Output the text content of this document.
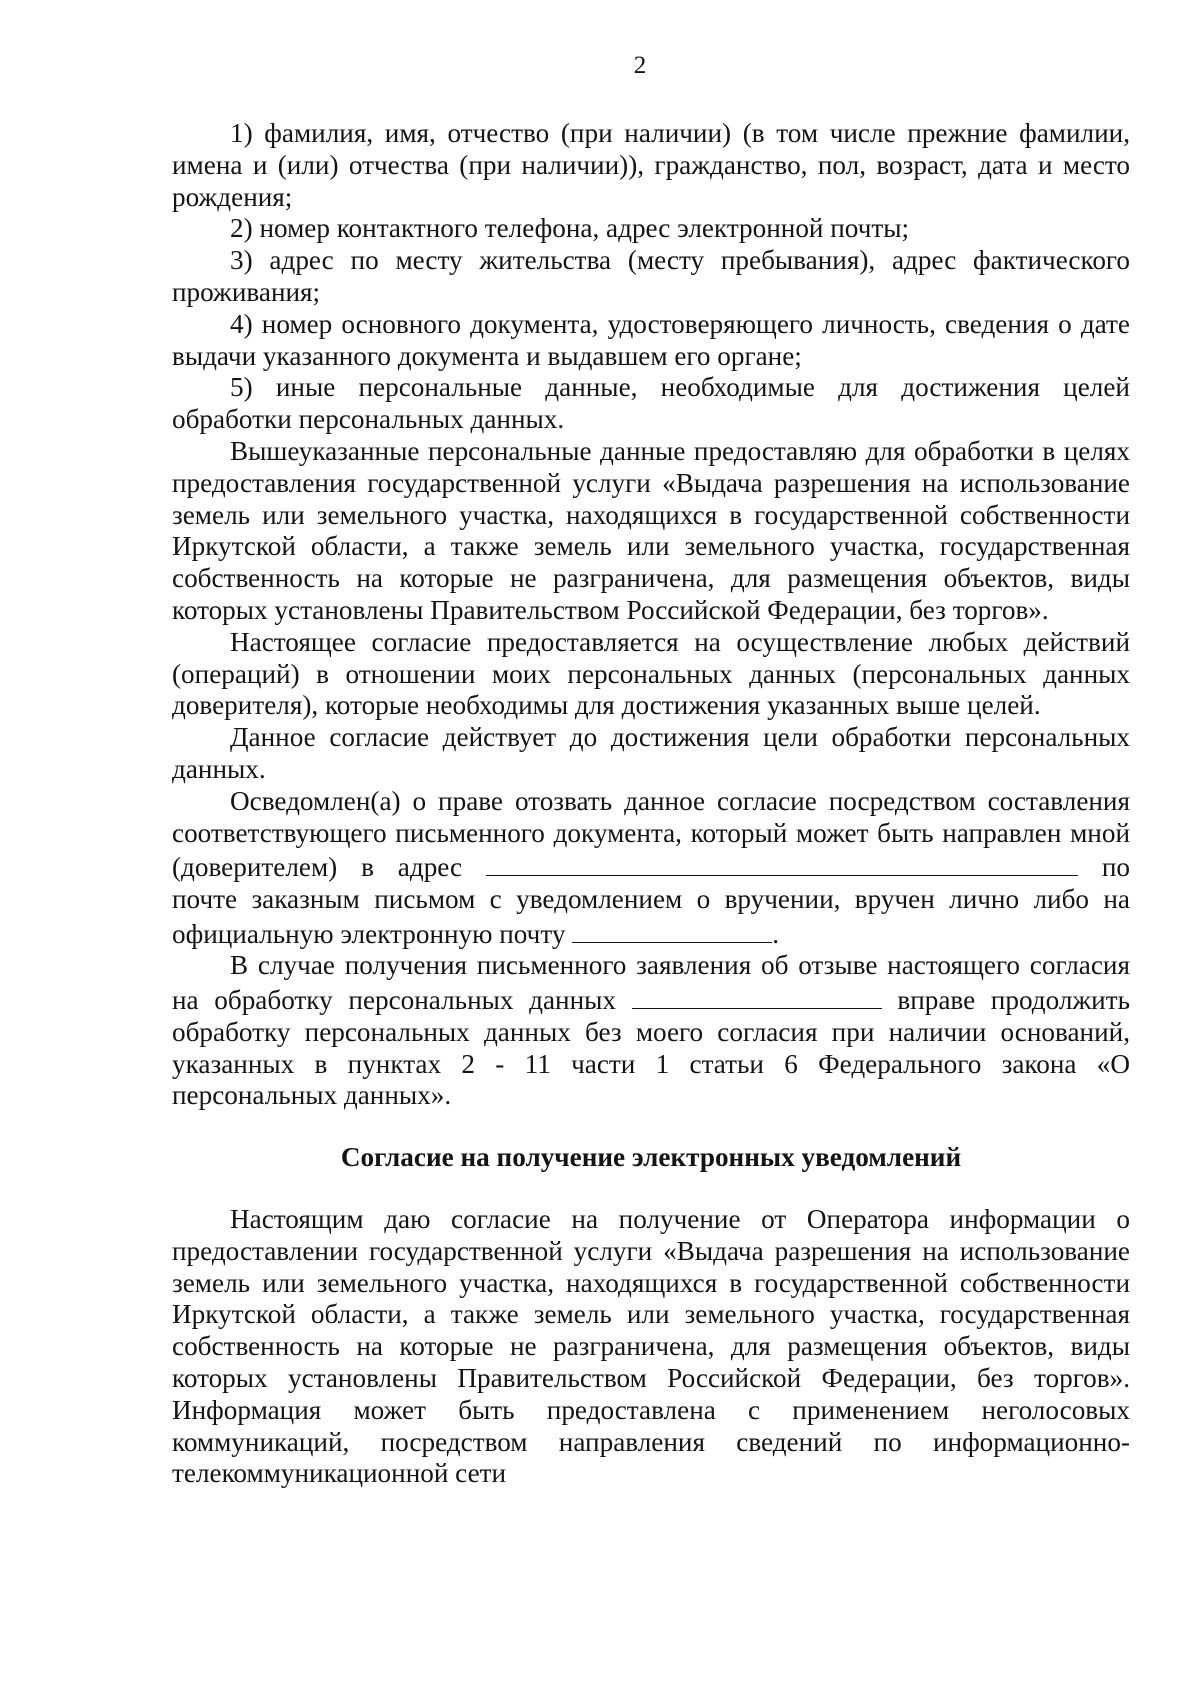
2

1) фамилия, имя, отчество (при наличии) (в том числе прежние фамилии, имена и (или) отчества (при наличии)), гражданство, пол, возраст, дата и место рождения;

2) номер контактного телефона, адрес электронной почты;

3) адрес по месту жительства (месту пребывания), адрес фактического проживания;

4) номер основного документа, удостоверяющего личность, сведения о дате выдачи указанного документа и выдавшем его органе;

5) иные персональные данные, необходимые для достижения целей обработки персональных данных.

Вышеуказанные персональные данные предоставляю для обработки в целях предоставления государственной услуги «Выдача разрешения на использование земель или земельного участка, находящихся в государственной собственности Иркутской области, а также земель или земельного участка, государственная собственность на которые не разграничена, для размещения объектов, виды которых установлены Правительством Российской Федерации, без торгов».

Настоящее согласие предоставляется на осуществление любых действий (операций) в отношении моих персональных данных (персональных данных доверителя), которые необходимы для достижения указанных выше целей.

Данное согласие действует до достижения цели обработки персональных данных.

Осведомлен(а) о праве отозвать данное согласие посредством составления соответствующего письменного документа, который может быть направлен мной (доверителем) в адрес	по почте заказным письмом с уведомлением о вручении, вручен лично либо на официальную электронную почту	.

В случае получения письменного заявления об отзыве настоящего согласия на обработку персональных данных	вправе продолжить обработку персональных данных без моего согласия при наличии оснований, указанных в пунктах 2 - 11 части 1 статьи 6 Федерального закона «О персональных данных».

Согласие на получение электронных уведомлений

Настоящим даю согласие на получение от Оператора информации о предоставлении государственной услуги «Выдача разрешения на использование земель или земельного участка, находящихся в государственной собственности Иркутской области, а также земель или земельного участка, государственная собственность на которые не разграничена, для размещения объектов, виды которых установлены Правительством Российской Федерации, без торгов». Информация может быть предоставлена с применением неголосовых коммуникаций, посредством направления сведений по информационно-телекоммуникационной сети
